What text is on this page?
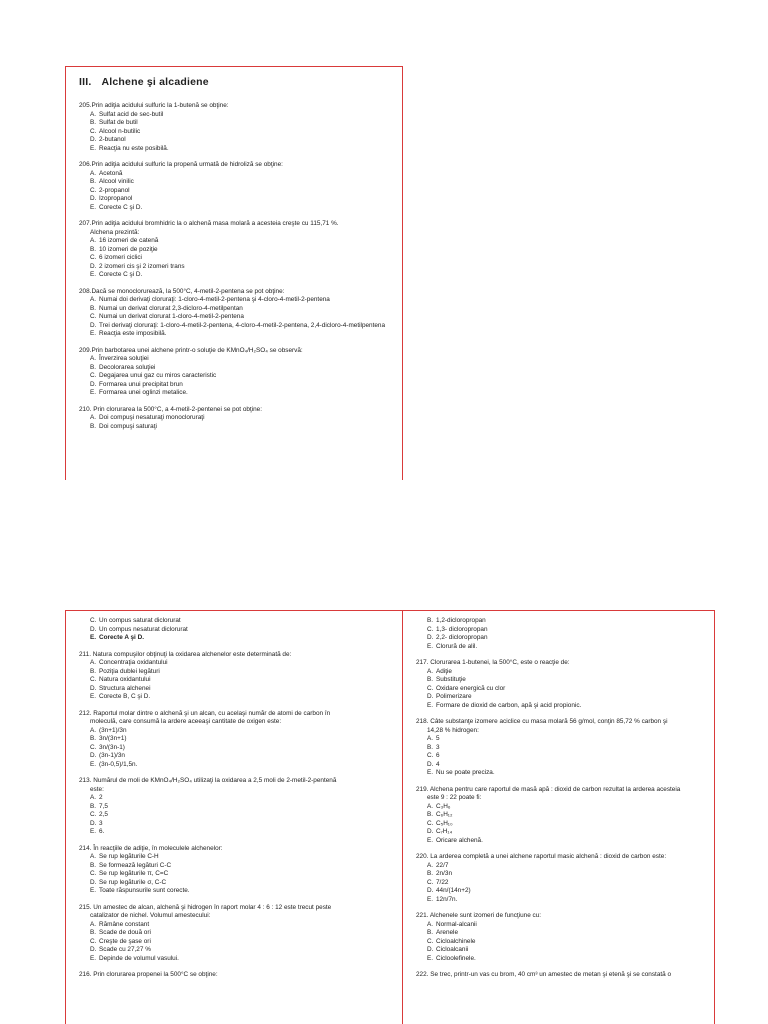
III. Alchene şi alcadiene
205.Prin adiţia acidului sulfuric la 1-butenă se obţine:
A. Sulfat acid de sec-butil
B. Sulfat de butil
C. Alcool n-butilic
D. 2-butanol
E. Reacţia nu este posibilă.
206.Prin adiţia acidului sulfuric la propenă urmată de hidroliză se obţine:
A. Acetonă
B. Alcool vinilic
C. 2-propanol
D. Izopropanol
E. Corecte C şi D.
207.Prin adiţia acidului bromhidric la o alchenă masa molară a acesteia creşte cu 115,71 %.
Alchena prezintă:
A. 16 izomeri de catenă
B. 10 izomeri de poziţie
C. 6 izomeri ciclici
D. 2 izomeri cis şi 2 izomeri trans
E. Corecte C şi D.
208.Dacă se monoclorurează, la 500°C, 4-metil-2-pentena se pot obţine:
A. Numai doi derivaţi cloruraţi: 1-cloro-4-metil-2-pentena şi 4-cloro-4-metil-2-pentena
B. Numai un derivat clorurat 2,3-dicloro-4-metilpentan
C. Numai un derivat clorurat 1-cloro-4-metil-2-pentena
D. Trei derivaţi cloruraţi: 1-cloro-4-metil-2-pentena, 4-cloro-4-metil-2-pentena, 2,4-dicloro-4-metilpentena
E. Reacţia este imposibilă.
209.Prin barbotarea unei alchene printr-o soluţie de KMnO₄/H₂SO₄ se observă:
A. Înverzirea soluţiei
B. Decolorarea soluţiei
C. Degajarea unui gaz cu miros caracteristic
D. Formarea unui precipitat brun
E. Formarea unei oglinzi metalice.
210. Prin clorurarea la 500°C, a 4-metil-2-pentenei se pot obţine:
A. Doi compuşi nesaturaţi monocloruraţi
B. Doi compuşi saturaţi
C. Un compus saturat diclorurat
D. Un compus nesaturat diclorurat
E. Corecte A şi D.
211. Natura compuşilor obţinuţi la oxidarea alchenelor este determinată de:
A. Concentraţia oxidantului
B. Poziţia dublei legături
C. Natura oxidantului
D. Structura alchenei
E. Corecte B, C şi D.
212. Raportul molar dintre o alchenă şi un alcan, cu acelaşi număr de atomi de carbon în
moleculă, care consumă la ardere aceeaşi cantitate de oxigen este:
A. (3n+1)/3n
B. 3n/(3n+1)
C. 3n/(3n-1)
D. (3n-1)/3n
E. (3n-0,5)/1,5n.
213. Numărul de moli de KMnO₄/H₂SO₄ utilizaţi la oxidarea a 2,5 moli de 2-metil-2-pentenă
este:
A. 2
B. 7,5
C. 2,5
D. 3
E. 6.
214. În reacţiile de adiţie, în moleculele alchenelor:
A. Se rup legăturile C-H
B. Se formează legături C-C
C. Se rup legăturile π, C=C
D. Se rup legăturile σ, C-C
E. Toate răspunsurile sunt corecte.
215. Un amestec de alcan, alchenă şi hidrogen în raport molar 4 : 6 : 12 este trecut peste
catalizator de nichel. Volumul amestecului:
A. Rămâne constant
B. Scade de două ori
C. Creşte de şase ori
D. Scade cu 27,27 %
E. Depinde de volumul vasului.
216. Prin clorurarea propenei la 500°C se obţine:
B. 1,2-dicloropropan
C. 1,3- dicloropropan
D. 2,2- dicloropropan
E. Clorură de alil.
217. Clorurarea 1-butenei, la 500°C, este o reacţie de:
A. Adiţie
B. Substituţie
C. Oxidare energică cu clor
D. Polimerizare
E. Formare de dioxid de carbon, apă şi acid propionic.
218. Câte substanţe izomere aciclice cu masa molară 56 g/mol, conţin 85,72 % carbon şi
14,28 % hidrogen:
A. 5
B. 3
C. 6
D. 4
E. Nu se poate preciza.
219. Alchena pentru care raportul de masă apă : dioxid de carbon rezultat la arderea acesteia
este 9 : 22 poate fi:
A. C₃H₆
B. C₆H₁₂
C. C₅H₁₀
D. C₇H₁₄
E. Oricare alchenă.
220. La arderea completă a unei alchene raportul masic alchenă : dioxid de carbon este:
A. 22/7
B. 2n/3n
C. 7/22
D. 44n/(14n+2)
E. 12n/7n.
221. Alchenele sunt izomeri de funcţiune cu:
A. Normal-alcanii
B. Arenele
C. Cicloalchinele
D. Cicloalcanii
E. Cicloolefinele.
222. Se trec, printr-un vas cu brom, 40 cm³ un amestec de metan şi etenă şi se constată o
